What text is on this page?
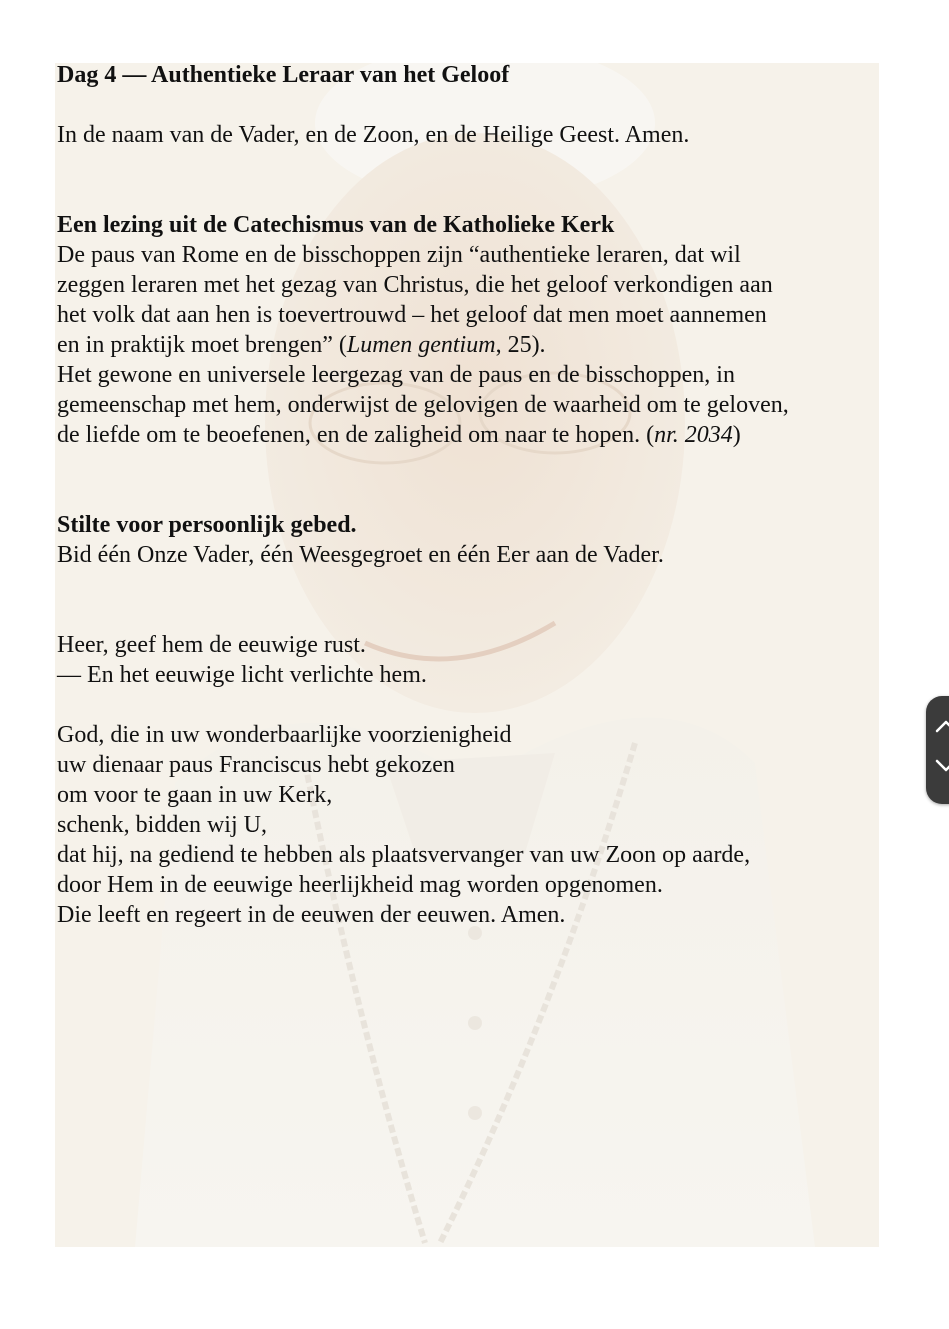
Dag 4 — Authentieke Leraar van het Geloof
In de naam van de Vader, en de Zoon, en de Heilige Geest. Amen.
Een lezing uit de Catechismus van de Katholieke Kerk
De paus van Rome en de bisschoppen zijn “authentieke leraren, dat wil
zeggen leraren met het gezag van Christus, die het geloof verkondigen aan
het volk dat aan hen is toevertrouwd – het geloof dat men moet aannemen
en in praktijk moet brengen” (Lumen gentium, 25).
Het gewone en universele leergezag van de paus en de bisschoppen, in
gemeenschap met hem, onderwijst de gelovigen de waarheid om te geloven,
de liefde om te beoefenen, en de zaligheid om naar te hopen. (nr. 2034)
Stilte voor persoonlijk gebed.
Bid één Onze Vader, één Weesgegroet en één Eer aan de Vader.
Heer, geef hem de eeuwige rust.
— En het eeuwige licht verlichte hem.
God, die in uw wonderbaarlijke voorzienigheid
uw dienaar paus Franciscus hebt gekozen
om voor te gaan in uw Kerk,
schenk, bidden wij U,
dat hij, na gediend te hebben als plaatsvervanger van uw Zoon op aarde,
door Hem in de eeuwige heerlijkheid mag worden opgenomen.
Die leeft en regeert in de eeuwen der eeuwen. Amen.
